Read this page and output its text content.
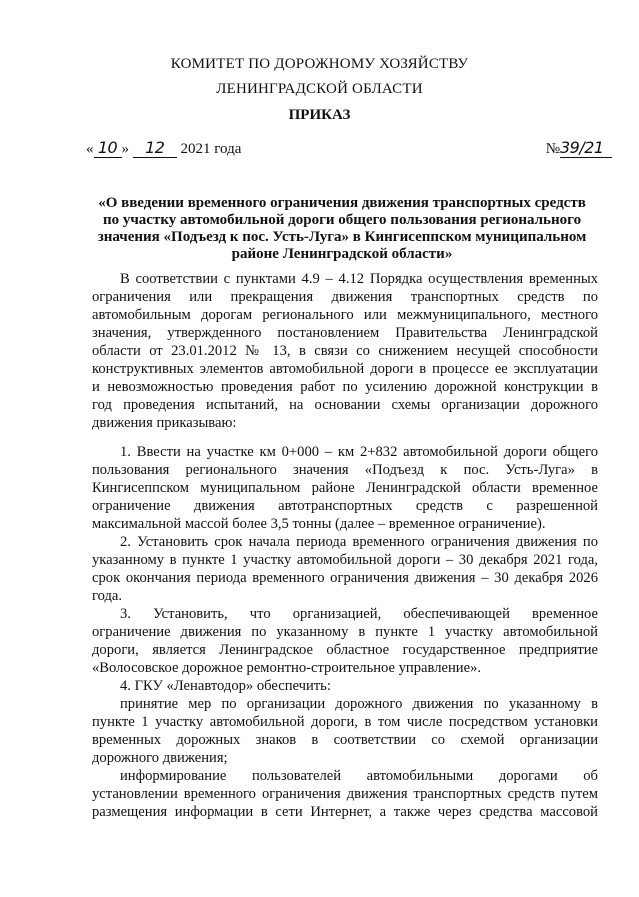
КОМИТЕТ ПО ДОРОЖНОМУ ХОЗЯЙСТВУ
ЛЕНИНГРАДСКОЙ ОБЛАСТИ
ПРИКАЗ
« 10 » 12 2021 года	№39/21
«О введении временного ограничения движения транспортных средств
по участку автомобильной дороги общего пользования регионального
значения «Подъезд к пос. Усть-Луга» в Кингисеппском муниципальном
районе Ленинградской области»
В соответствии с пунктами 4.9 – 4.12 Порядка осуществления временных
ограничения или прекращения движения транспортных средств по
автомобильным дорогам регионального или межмуниципального, местного
значения, утвержденного постановлением Правительства Ленинградской
области от 23.01.2012 № 13, в связи со снижением несущей способности
конструктивных элементов автомобильной дороги в процессе ее эксплуатации
и невозможностью проведения работ по усилению дорожной конструкции в
год проведения испытаний, на основании схемы организации дорожного
движения приказываю:
1. Ввести на участке км 0+000 – км 2+832 автомобильной дороги общего
пользования регионального значения «Подъезд к пос. Усть-Луга» в
Кингисеппском муниципальном районе Ленинградской области временное
ограничение движения автотранспортных средств с разрешенной
максимальной массой более 3,5 тонны (далее – временное ограничение).
2. Установить срок начала периода временного ограничения движения по
указанному в пункте 1 участку автомобильной дороги – 30 декабря 2021 года,
срок окончания периода временного ограничения движения – 30 декабря 2026
года.
3. Установить, что организацией, обеспечивающей временное
ограничение движения по указанному в пункте 1 участку автомобильной
дороги, является Ленинградское областное государственное предприятие
«Волосовское дорожное ремонтно-строительное управление».
4. ГКУ «Ленавтодор» обеспечить:
принятие мер по организации дорожного движения по указанному в
пункте 1 участку автомобильной дороги, в том числе посредством установки
временных дорожных знаков в соответствии со схемой организации
дорожного движения;
информирование пользователей автомобильными дорогами об
установлении временного ограничения движения транспортных средств путем
размещения информации в сети Интернет, а также через средства массовой
